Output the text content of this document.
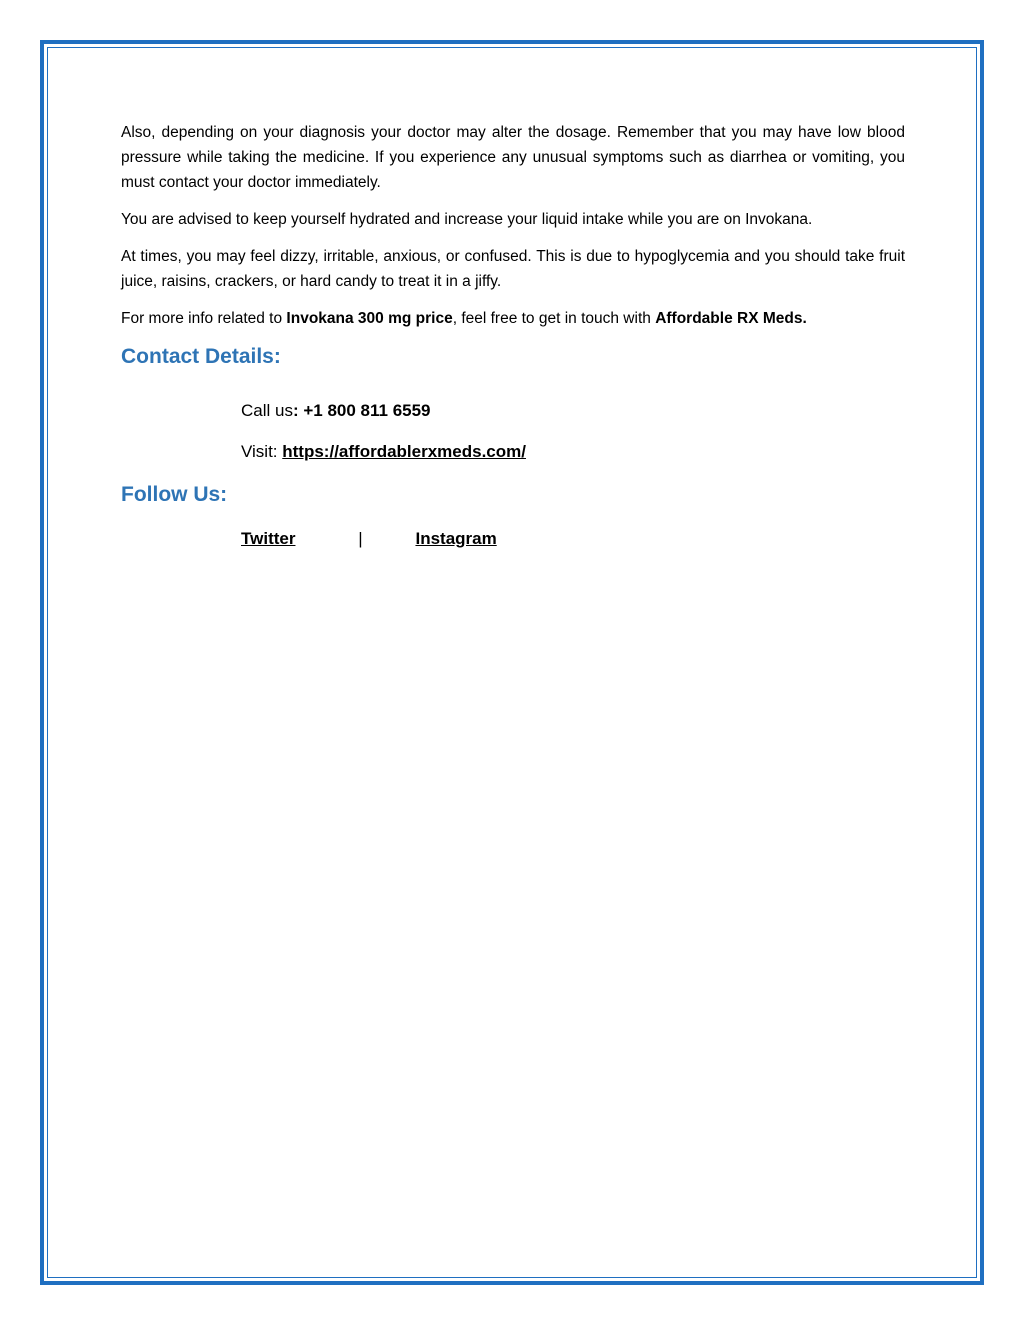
Also, depending on your diagnosis your doctor may alter the dosage. Remember that you may have low blood pressure while taking the medicine. If you experience any unusual symptoms such as diarrhea or vomiting, you must contact your doctor immediately.

You are advised to keep yourself hydrated and increase your liquid intake while you are on Invokana.

At times, you may feel dizzy, irritable, anxious, or confused. This is due to hypoglycemia and you should take fruit juice, raisins, crackers, or hard candy to treat it in a jiffy.

For more info related to Invokana 300 mg price, feel free to get in touch with Affordable RX Meds.

Contact Details:
Call us: +1 800 811 6559
Visit: https://affordablerxmeds.com/
Follow Us:
Twitter	|	Instagram
